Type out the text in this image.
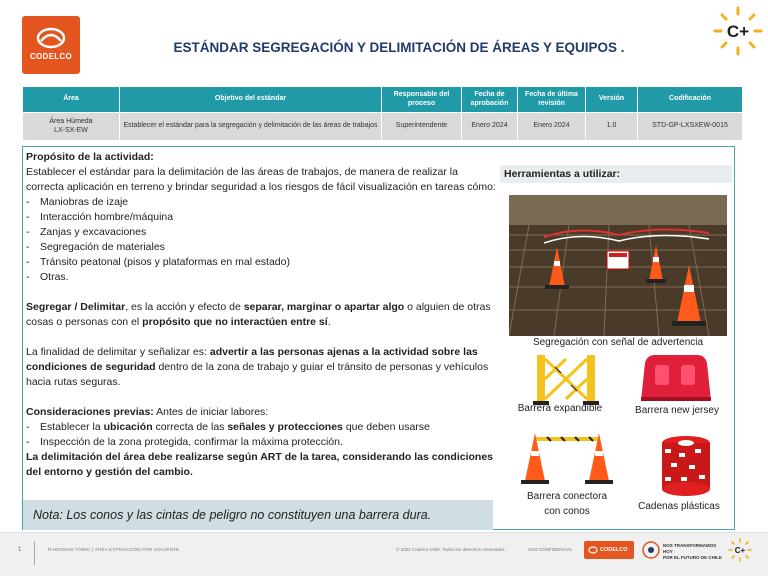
CODELCO
ESTÁNDAR SEGREGACIÓN Y DELIMITACIÓN DE ÁREAS Y EQUIPOS .
C+
Área	Objetivo del estándar	Responsable del proceso	Fecha de aprobación	Fecha de última revisión	Versión	Codificación

Área Húmeda
LX-SX-EW	Establecer el estándar para la segregación y delimitación de las áreas de trabajos	Superintendente	Enero 2024	Enero 2024	1.0	STD-GP-LXSXEW-0015

Propósito de la actividad:

Establecer el estándar para la delimitación de las áreas de trabajos, de manera de realizar la correcta aplicación en terreno y brindar seguridad a los riesgos de fácil visualización en tareas cómo:

- Maniobras de izaje
- Interacción hombre/máquina
- Zanjas y excavaciones
- Segregación de materiales
- Tránsito peatonal (pisos y plataformas en mal estado)
- Otras.

Segregar / Delimitar, es la acción y efecto de separar, marginar o apartar algo o alguien de otras cosas o personas con el propósito que no interactúen entre sí.

La finalidad de delimitar y señalizar es: advertir a las personas ajenas a la actividad sobre las condiciones de seguridad dentro de la zona de trabajo y guiar el tránsito de personas y vehículos hacia rutas seguras.

Consideraciones previas: Antes de iniciar labores:

- Establecer la ubicación correcta de las señales y protecciones que deben usarse
- Inspección de la zona protegida, confirmar la máxima protección.

La delimitación del área debe realizarse según ART de la tarea, considerando las condiciones del entorno y gestión del cambio.

Nota: Los conos y las cintas de peligro no constituyen una barrera dura.
Herramientas a utilizar:
Segregación con señal de advertencia
Barrera expandible	Barrera new jersey
Barrera conectora
con conos	Cadenas plásticas
1	RADIOMAD TOMIC | ÁREA EXTRACCIÓN POR SOLVENTE	© 2021 Codelco Chile. Todos los derechos reservados	USO CONFIDENCIAL	CODELCO
NOS TRANSFORMAMOS HOY
POR EL FUTURO DE CHILE
C+
